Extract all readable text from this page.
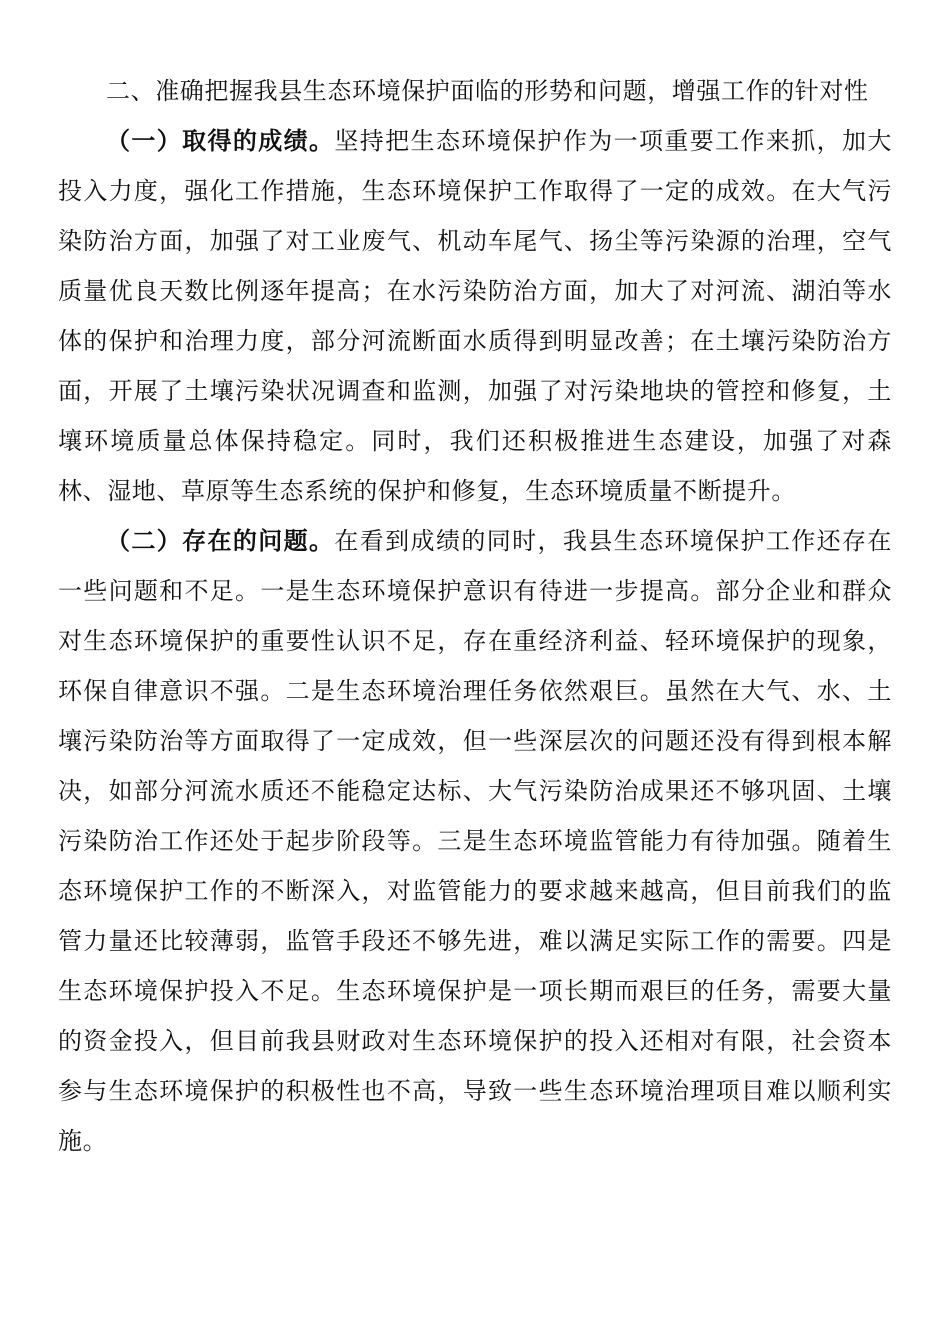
二、准确把握我县生态环境保护面临的形势和问题，增强工作的针对性

（一）取得的成绩。坚持把生态环境保护作为一项重要工作来抓，加大投入力度，强化工作措施，生态环境保护工作取得了一定的成效。在大气污染防治方面，加强了对工业废气、机动车尾气、扬尘等污染源的治理，空气质量优良天数比例逐年提高；在水污染防治方面，加大了对河流、湖泊等水体的保护和治理力度，部分河流断面水质得到明显改善；在土壤污染防治方面，开展了土壤污染状况调查和监测，加强了对污染地块的管控和修复，土壤环境质量总体保持稳定。同时，我们还积极推进生态建设，加强了对森林、湿地、草原等生态系统的保护和修复，生态环境质量不断提升。

（二）存在的问题。在看到成绩的同时，我县生态环境保护工作还存在一些问题和不足。一是生态环境保护意识有待进一步提高。部分企业和群众对生态环境保护的重要性认识不足，存在重经济利益、轻环境保护的现象，环保自律意识不强。二是生态环境治理任务依然艰巨。虽然在大气、水、土壤污染防治等方面取得了一定成效，但一些深层次的问题还没有得到根本解决，如部分河流水质还不能稳定达标、大气污染防治成果还不够巩固、土壤污染防治工作还处于起步阶段等。三是生态环境监管能力有待加强。随着生态环境保护工作的不断深入，对监管能力的要求越来越高，但目前我们的监管力量还比较薄弱，监管手段还不够先进，难以满足实际工作的需要。四是生态环境保护投入不足。生态环境保护是一项长期而艰巨的任务，需要大量的资金投入，但目前我县财政对生态环境保护的投入还相对有限，社会资本参与生态环境保护的积极性也不高，导致一些生态环境治理项目难以顺利实施。
